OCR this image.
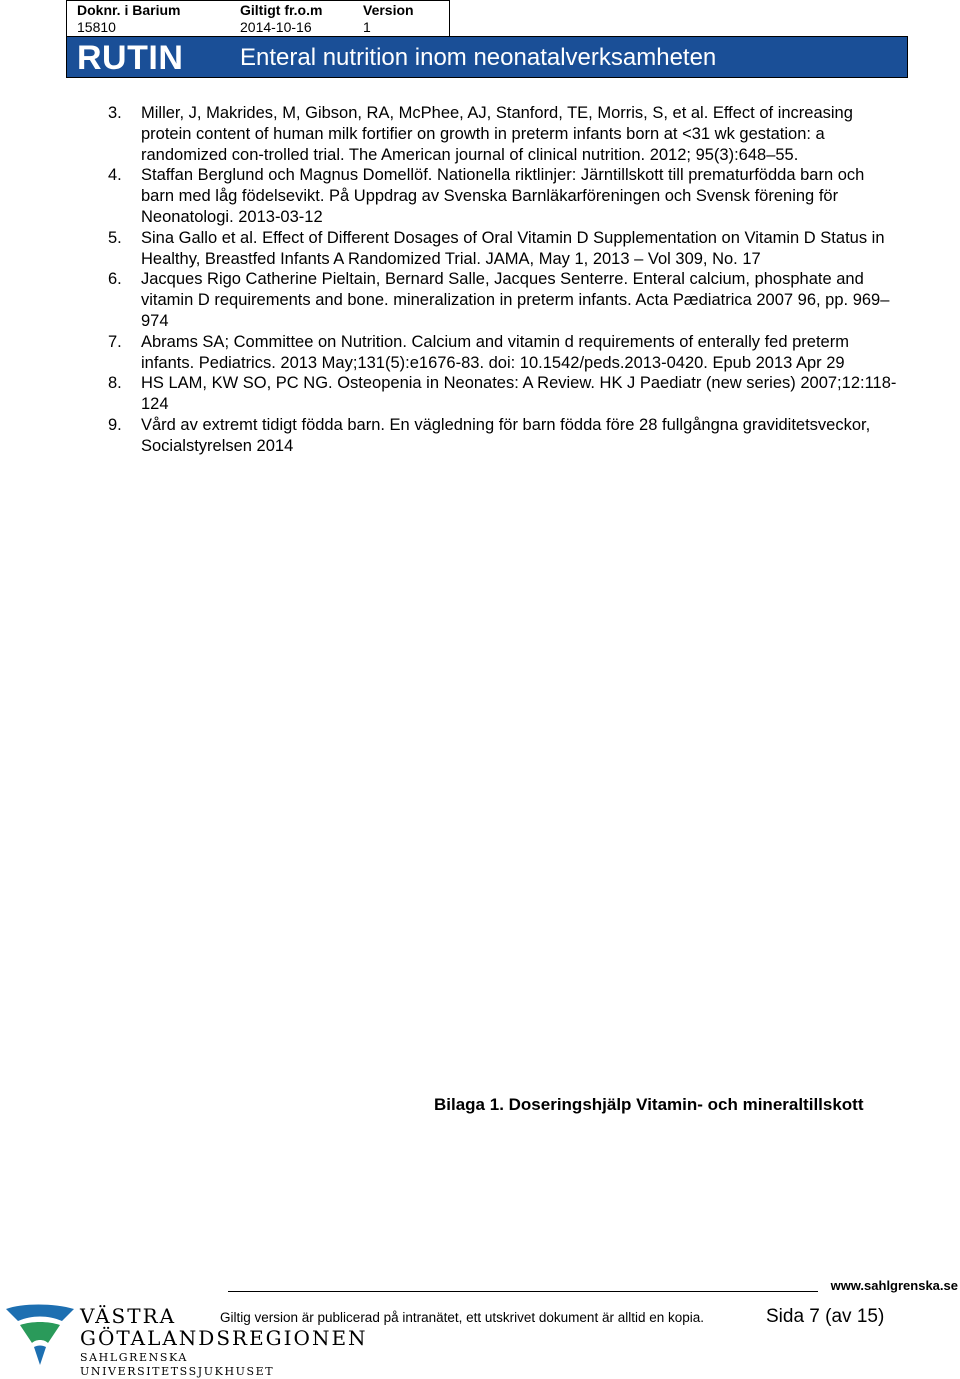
Doknr. i Barium
15810
Giltigt fr.o.m
2014-10-16
Version
1
RUTIN Enteral nutrition inom neonatalverksamheten
3. Miller, J, Makrides, M, Gibson, RA, McPhee, AJ, Stanford, TE, Morris, S, et al. Effect of increasing protein content of human milk fortifier on growth in preterm infants born at <31 wk gestation: a randomized con-trolled trial. The American journal of clinical nutrition. 2012; 95(3):648–55.
4. Staffan Berglund och Magnus Domellöf. Nationella riktlinjer: Järntillskott till prematurfödda barn och barn med låg födelsevikt. På Uppdrag av Svenska Barnläkarföreningen och Svensk förening för Neonatologi. 2013-03-12
5. Sina Gallo et al. Effect of Different Dosages of Oral Vitamin D Supplementation on Vitamin D Status in Healthy, Breastfed Infants A Randomized Trial. JAMA, May 1, 2013 – Vol 309, No. 17
6. Jacques Rigo Catherine Pieltain, Bernard Salle, Jacques Senterre. Enteral calcium, phosphate and vitamin D requirements and bone. mineralization in preterm infants. Acta Pædiatrica 2007 96, pp. 969–974
7. Abrams SA; Committee on Nutrition. Calcium and vitamin d requirements of enterally fed preterm infants. Pediatrics. 2013 May;131(5):e1676-83. doi: 10.1542/peds.2013-0420. Epub 2013 Apr 29
8. HS LAM, KW SO, PC NG. Osteopenia in Neonates: A Review. HK J Paediatr (new series) 2007;12:118-124
9. Vård av extremt tidigt födda barn. En vägledning för barn födda före 28 fullgångna graviditetsveckor, Socialstyrelsen 2014
Bilaga 1. Doseringshjälp Vitamin- och mineraltillskott
www.sahlgrenska.se
Giltig version är publicerad på intranätet, ett utskrivet dokument är alltid en kopia.	Sida 7 (av 15)
VÄSTRA
GÖTALANDSREGIONEN
SAHLGRENSKA UNIVERSITETSSJUKHUSET
